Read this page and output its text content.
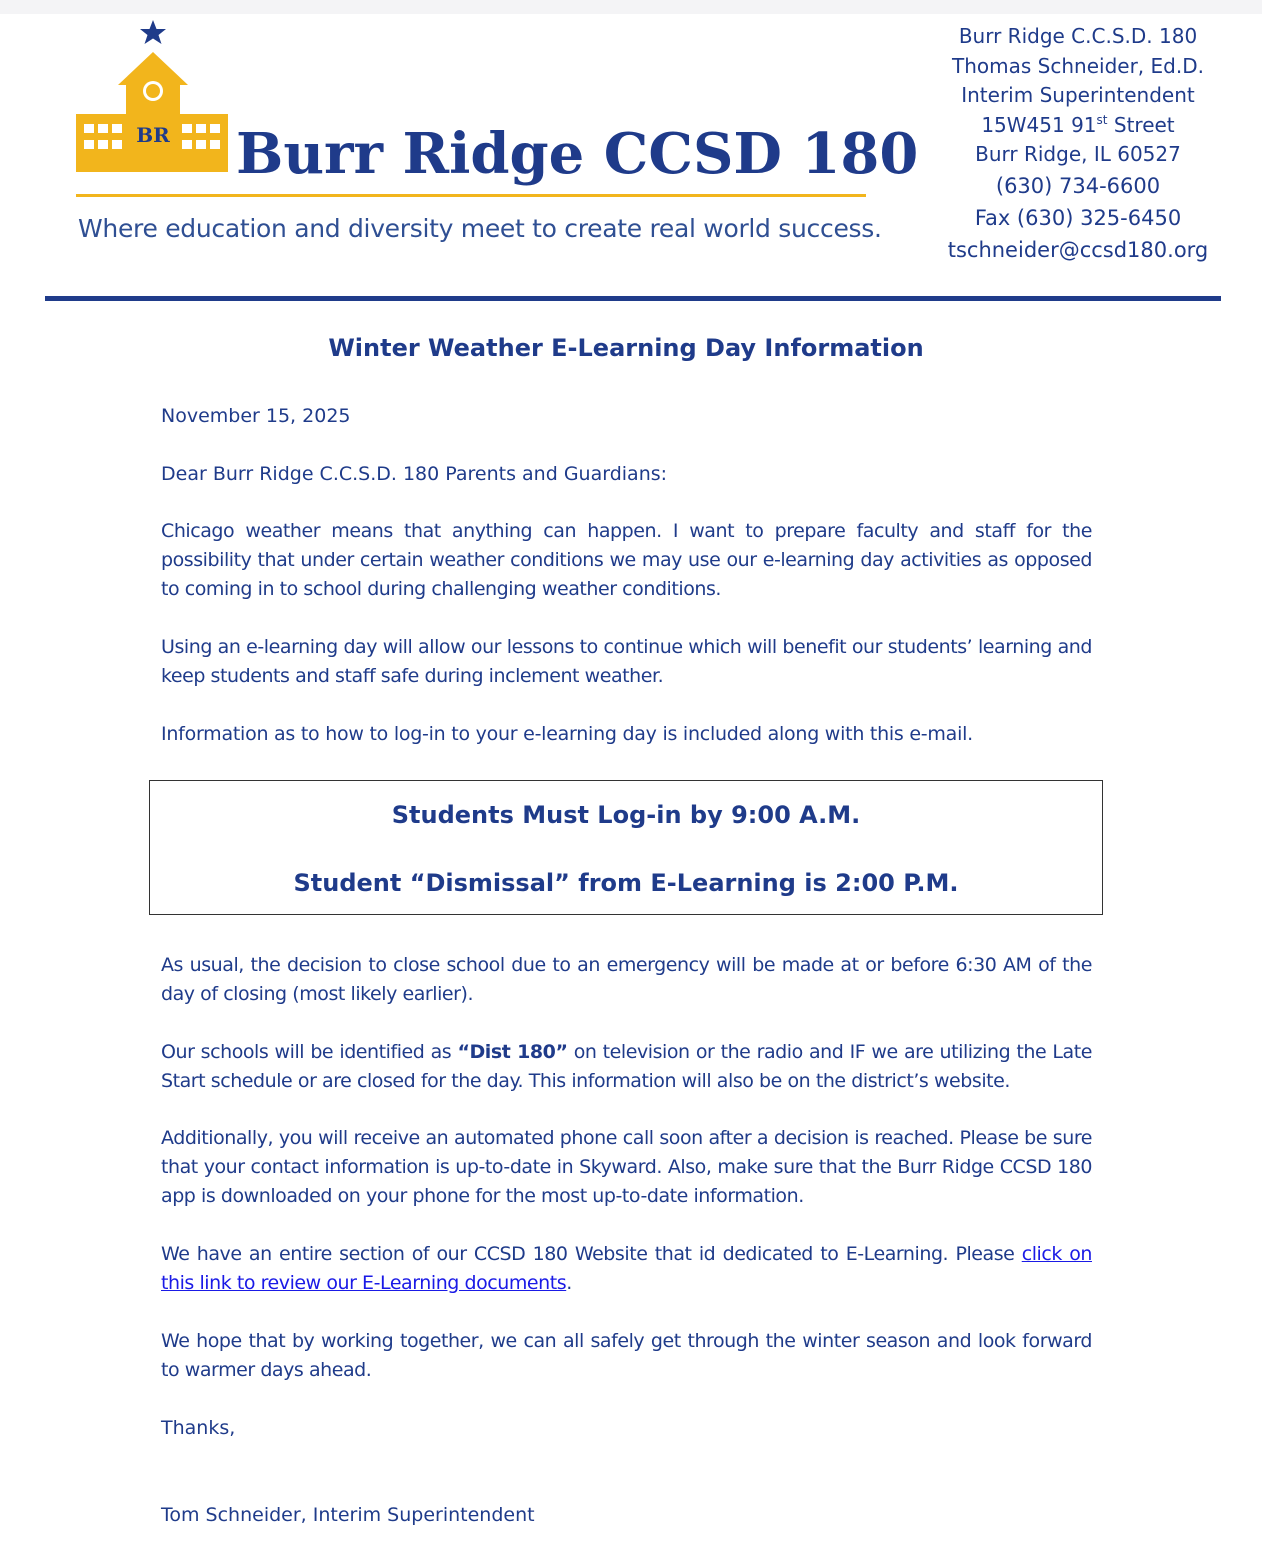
BR Burr Ridge CCSD 180
Where education and diversity meet to create real world success.
Burr Ridge C.C.S.D. 180
Thomas Schneider, Ed.D.
Interim Superintendent
15W451 91st Street
Burr Ridge, IL 60527
(630) 734-6600
Fax (630) 325-6450
tschneider@ccsd180.org
Winter Weather E-Learning Day Information

November 15, 2025

Dear Burr Ridge C.C.S.D. 180 Parents and Guardians:

Chicago weather means that anything can happen. I want to prepare faculty and staff for the possibility that under certain weather conditions we may use our e-learning day activities as opposed to coming in to school during challenging weather conditions.

Using an e-learning day will allow our lessons to continue which will benefit our students’ learning and keep students and staff safe during inclement weather.

Information as to how to log-in to your e-learning day is included along with this e-mail.

Students Must Log-in by 9:00 A.M.
Student “Dismissal” from E-Learning is 2:00 P.M.

As usual, the decision to close school due to an emergency will be made at or before 6:30 AM of the day of closing (most likely earlier).

Our schools will be identified as “Dist 180” on television or the radio and IF we are utilizing the Late Start schedule or are closed for the day. This information will also be on the district’s website.

Additionally, you will receive an automated phone call soon after a decision is reached. Please be sure that your contact information is up-to-date in Skyward. Also, make sure that the Burr Ridge CCSD 180 app is downloaded on your phone for the most up-to-date information.

We have an entire section of our CCSD 180 Website that id dedicated to E-Learning. Please click on this link to review our E-Learning documents.

We hope that by working together, we can all safely get through the winter season and look forward to warmer days ahead.

Thanks,

Tom Schneider, Interim Superintendent
